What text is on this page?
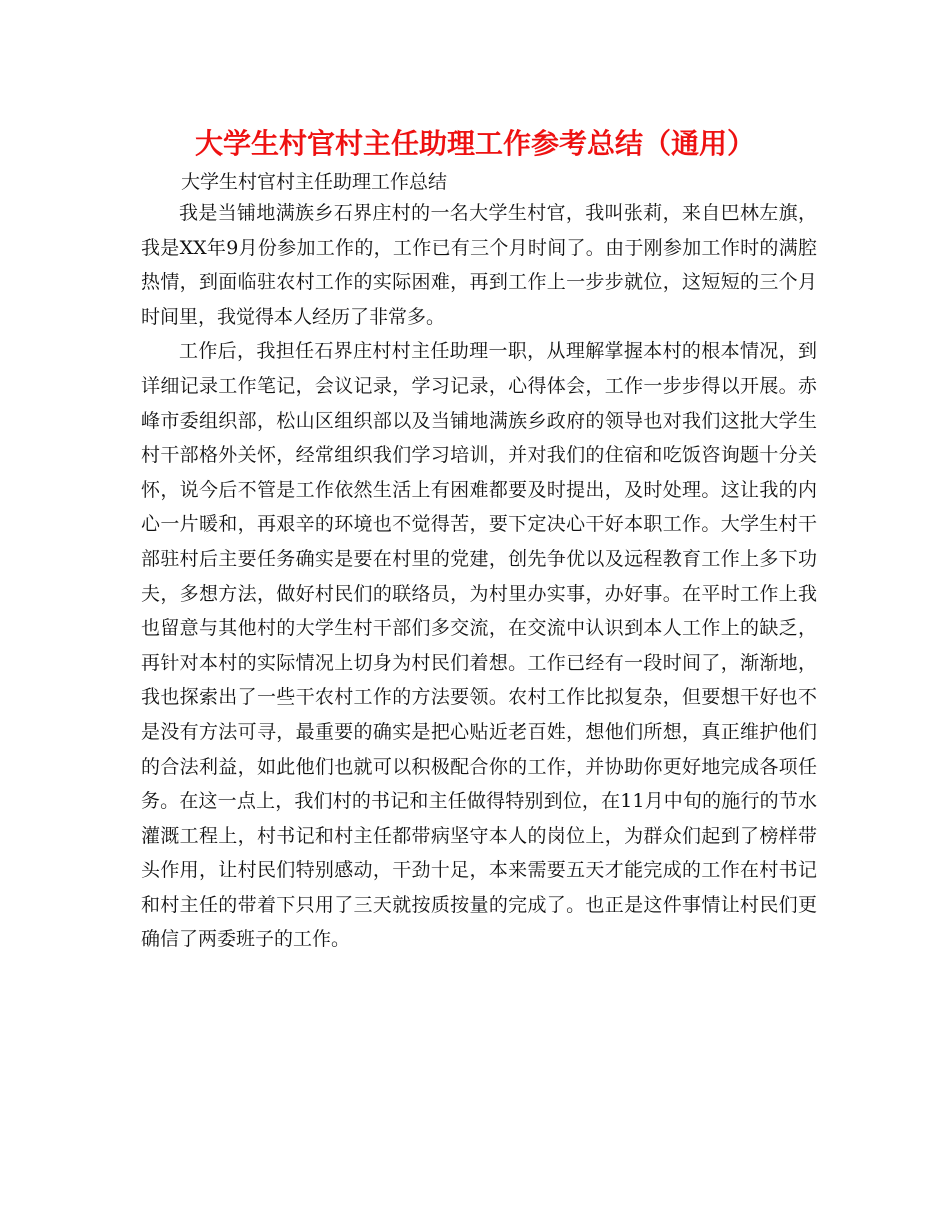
大学生村官村主任助理工作参考总结（通用）
大学生村官村主任助理工作总结

我是当铺地满族乡石界庄村的一名大学生村官，我叫张莉，来自巴林左旗，我是XX年9月份参加工作的，工作已有三个月时间了。由于刚参加工作时的满腔热情，到面临驻农村工作的实际困难，再到工作上一步步就位，这短短的三个月时间里，我觉得本人经历了非常多。

工作后，我担任石界庄村村主任助理一职，从理解掌握本村的根本情况，到详细记录工作笔记，会议记录，学习记录，心得体会，工作一步步得以开展。赤峰市委组织部，松山区组织部以及当铺地满族乡政府的领导也对我们这批大学生村干部格外关怀，经常组织我们学习培训，并对我们的住宿和吃饭咨询题十分关怀，说今后不管是工作依然生活上有困难都要及时提出，及时处理。这让我的内心一片暖和，再艰辛的环境也不觉得苦，要下定决心干好本职工作。大学生村干部驻村后主要任务确实是要在村里的党建，创先争优以及远程教育工作上多下功夫，多想方法，做好村民们的联络员，为村里办实事，办好事。在平时工作上我也留意与其他村的大学生村干部们多交流，在交流中认识到本人工作上的缺乏，再针对本村的实际情况上切身为村民们着想。工作已经有一段时间了，渐渐地，我也探索出了一些干农村工作的方法要领。农村工作比拟复杂，但要想干好也不是没有方法可寻，最重要的确实是把心贴近老百姓，想他们所想，真正维护他们的合法利益，如此他们也就可以积极配合你的工作，并协助你更好地完成各项任务。在这一点上，我们村的书记和主任做得特别到位，在11月中旬的施行的节水灌溉工程上，村书记和村主任都带病坚守本人的岗位上，为群众们起到了榜样带头作用，让村民们特别感动，干劲十足，本来需要五天才能完成的工作在村书记和村主任的带着下只用了三天就按质按量的完成了。也正是这件事情让村民们更确信了两委班子的工作。
